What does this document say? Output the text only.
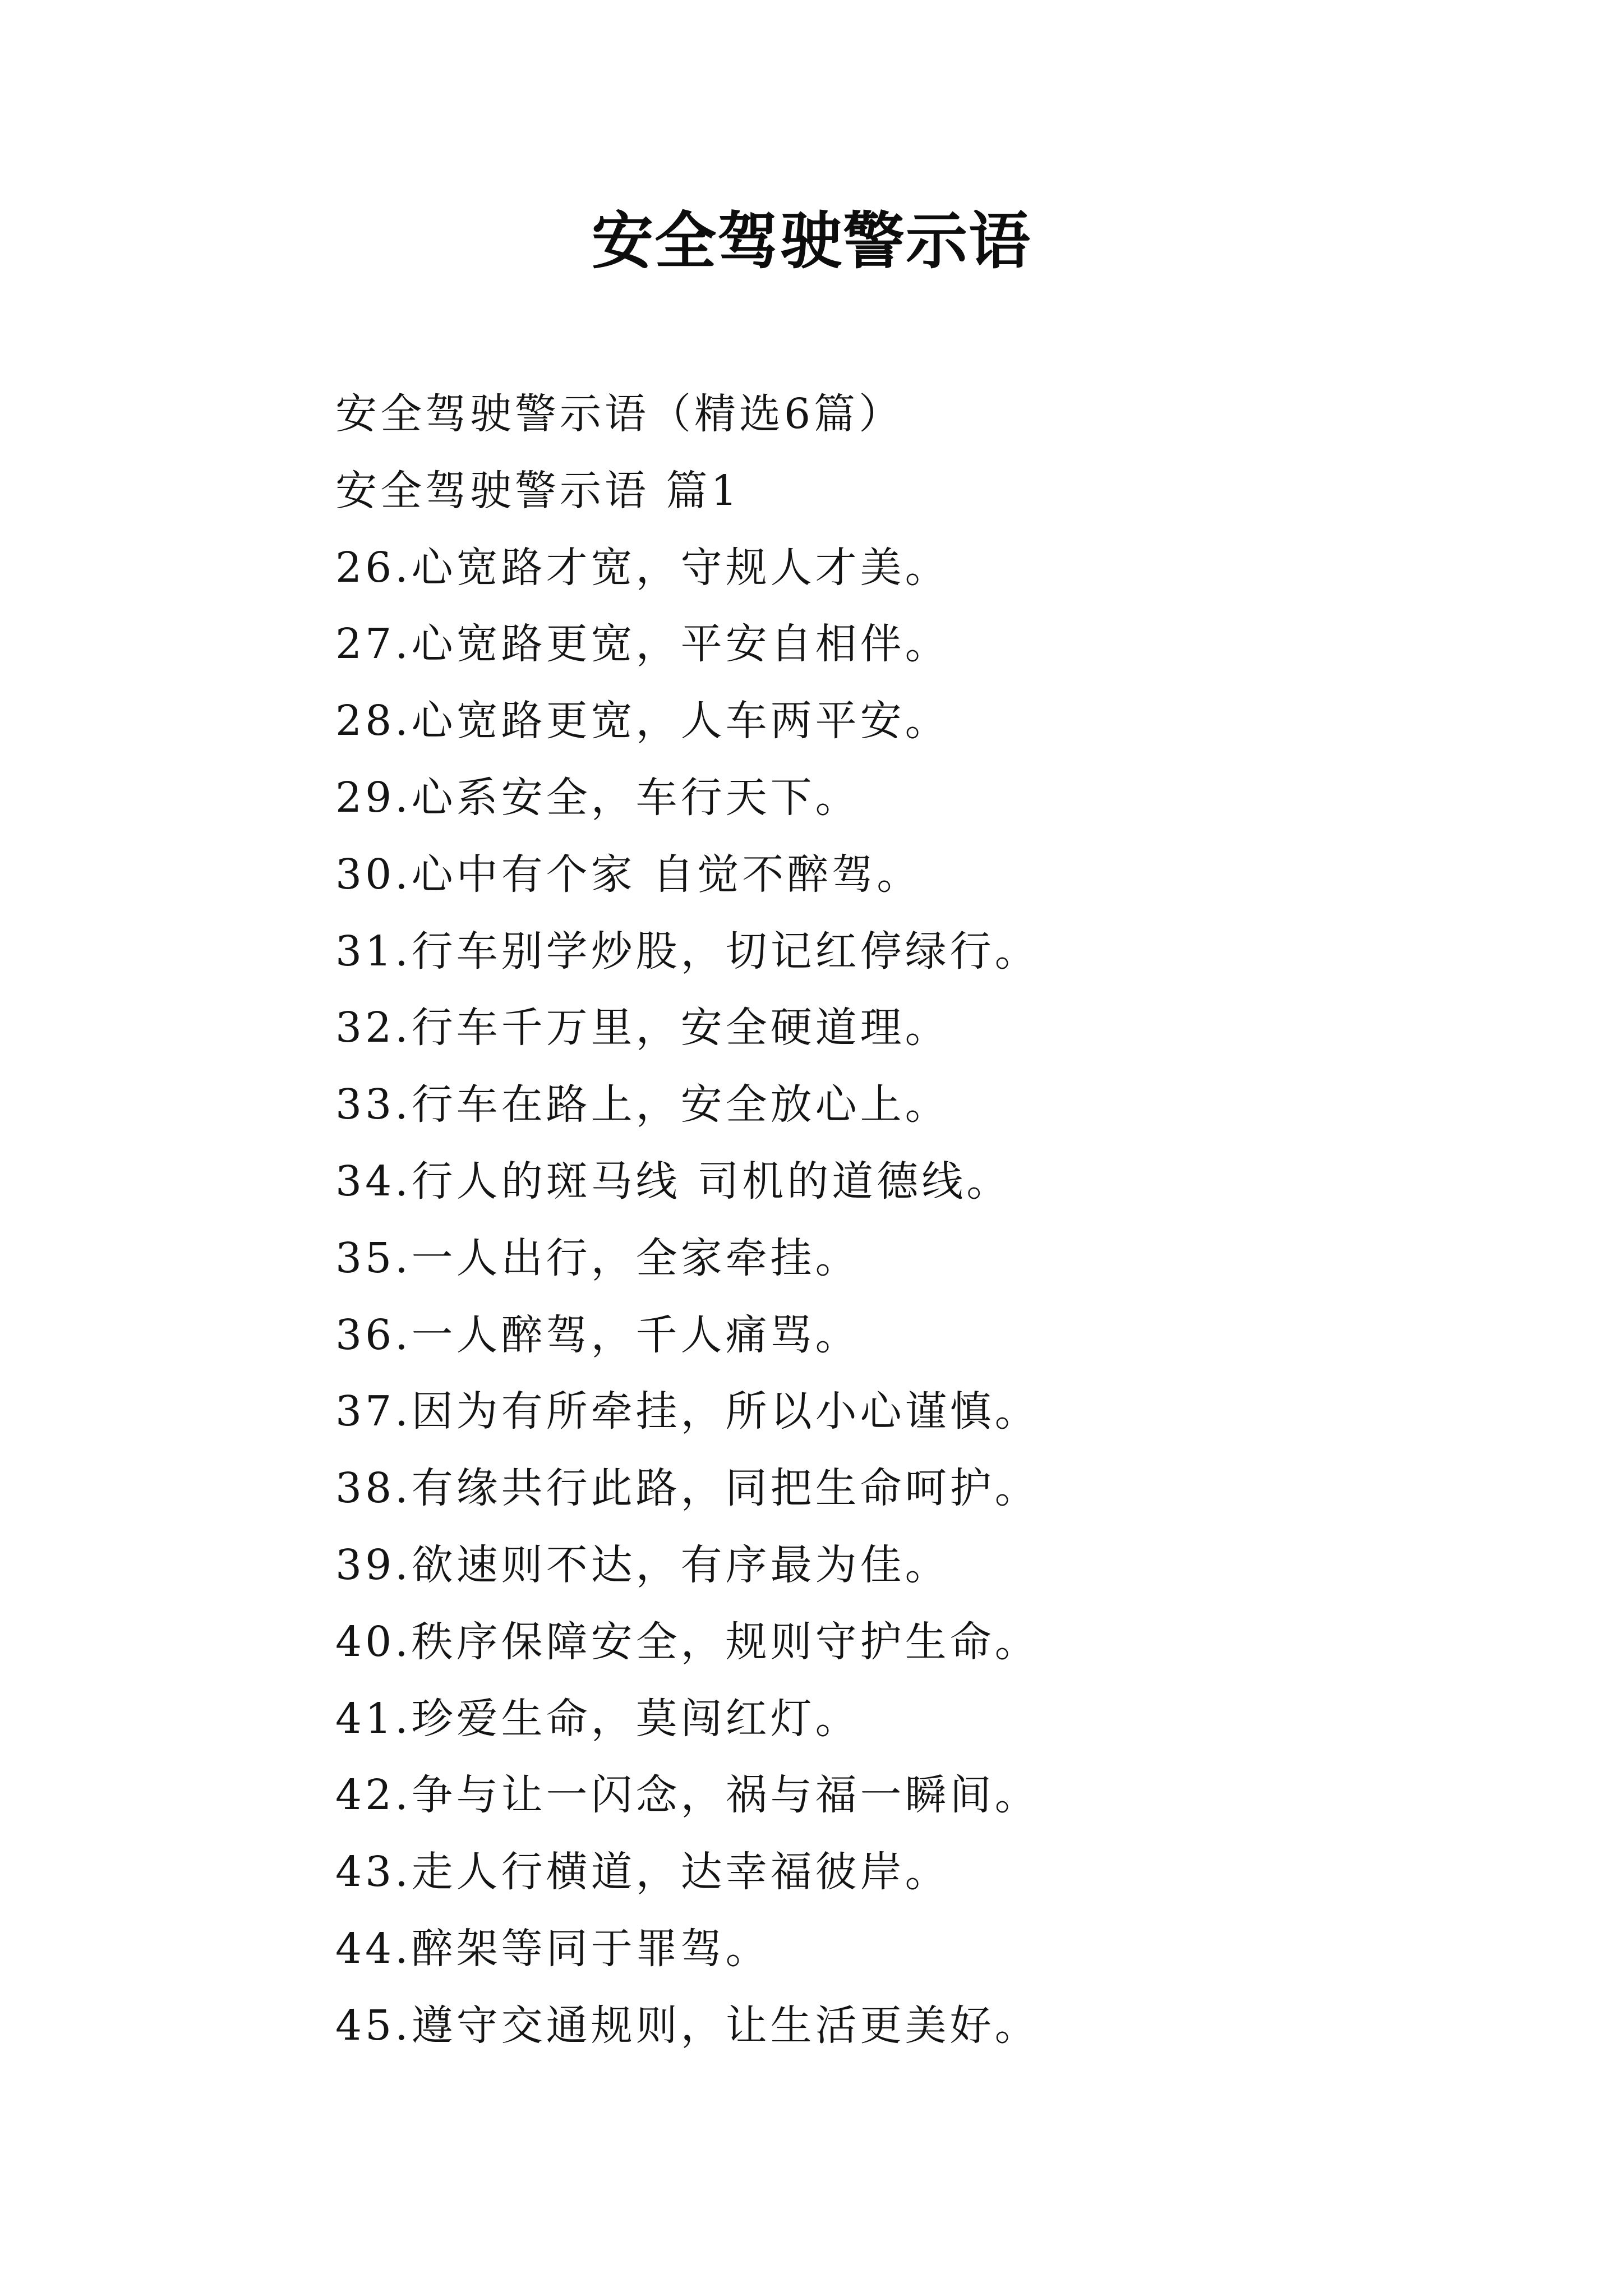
安全驾驶警示语
安全驾驶警示语（精选6篇）
安全驾驶警示语 篇1
26.心宽路才宽，守规人才美。
27.心宽路更宽，平安自相伴。
28.心宽路更宽，人车两平安。
29.心系安全，车行天下。
30.心中有个家 自觉不醉驾。
31.行车别学炒股，切记红停绿行。
32.行车千万里，安全硬道理。
33.行车在路上，安全放心上。
34.行人的斑马线 司机的道德线。
35.一人出行，全家牵挂。
36.一人醉驾，千人痛骂。
37.因为有所牵挂，所以小心谨慎。
38.有缘共行此路，同把生命呵护。
39.欲速则不达，有序最为佳。
40.秩序保障安全，规则守护生命。
41.珍爱生命，莫闯红灯。
42.争与让一闪念，祸与福一瞬间。
43.走人行横道，达幸福彼岸。
44.醉架等同于罪驾。
45.遵守交通规则，让生活更美好。
